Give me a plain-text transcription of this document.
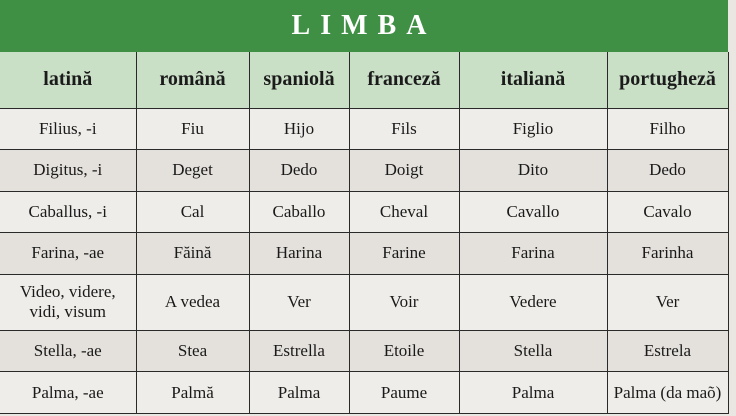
LIMBA
latină	română	spaniolă	franceză	italiană	portugheză
Filius, -i	Fiu	Hijo	Fils	Figlio	Filho
Digitus, -i	Deget	Dedo	Doigt	Dito	Dedo
Caballus, -i	Cal	Caballo	Cheval	Cavallo	Cavalo
Farina, -ae	Făină	Harina	Farine	Farina	Farinha
Video, videre, vidi, visum	A vedea	Ver	Voir	Vedere	Ver
Stella, -ae	Stea	Estrella	Etoile	Stella	Estrela
Palma, -ae	Palmă	Palma	Paume	Palma	Palma (da maõ)
